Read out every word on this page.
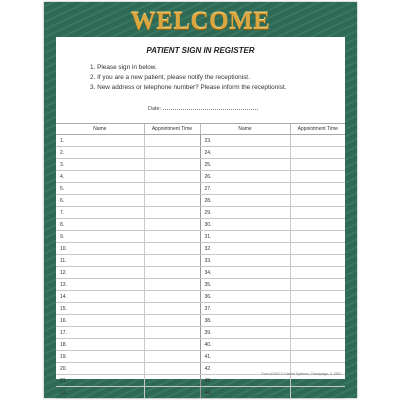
WELCOME
PATIENT SIGN IN REGISTER
1. Please sign in below.
2. If you are a new patient, please notify the receptionist.
3. New address or telephone number? Please inform the receptionist.
Date:
Name	Appointment Time	Name	Appointment Time
1.		23.	
2.		24.	
3.		25.	
4.		26.	
5.		27.	
6.		28.	
7.		29.	
8.		30.	
9.		31.	
10.		32.	
11.		33.	
12.		34.	
13.		35.	
14.		36.	
15.		37.	
16.		38.	
17.		39.	
18.		40.	
19.		41.	
20.		42.	
21.		43.	
22.		44.	
Form #1002 © Caseel Systems, Champaign, IL 1992
